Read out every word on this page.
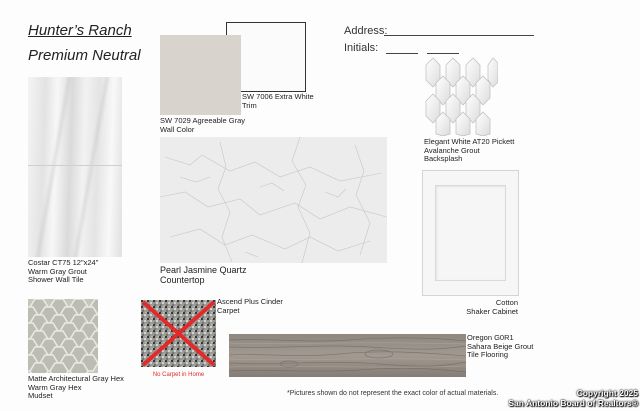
Hunter’s Ranch
Premium Neutral
Address:
Initials:
Costar CT75 12"x24"
Warm Gray Grout
Shower Wall Tile
SW 7029 Agreeable Gray
Wall Color
SW 7006 Extra White
Trim
Pearl Jasmine Quartz
Countertop
Elegant White AT20 Pickett
Avalanche Grout
Backsplash
Cotton
Shaker Cabinet
Matte Architectural Gray Hex
Warm Gray Hex
Mudset
No Carpet in Home
Ascend Plus Cinder
Carpet
Oregon G0R1
Sahara Beige Grout
Tile Flooring
*Pictures shown do not represent the exact color of actual materials.	Copyright 2025
San Antonio Board of Realtors®
